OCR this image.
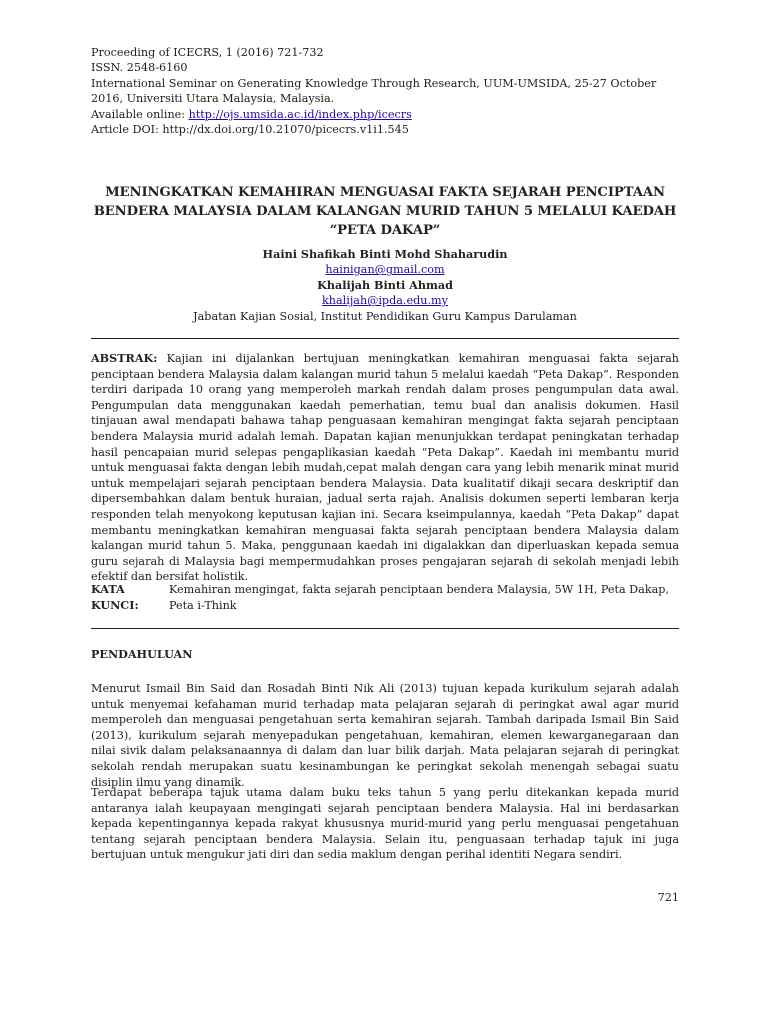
Proceeding of ICECRS, 1 (2016) 721-732
ISSN. 2548-6160
International Seminar on Generating Knowledge Through Research, UUM-UMSIDA, 25-27 October 2016, Universiti Utara Malaysia, Malaysia.
Available online: http://ojs.umsida.ac.id/index.php/icecrs
Article DOI: http://dx.doi.org/10.21070/picecrs.v1i1.545
MENINGKATKAN KEMAHIRAN MENGUASAI FAKTA SEJARAH PENCIPTAAN BENDERA MALAYSIA DALAM KALANGAN MURID TAHUN 5 MELALUI KAEDAH “PETA DAKAP”
Haini Shafikah Binti Mohd Shaharudin
hainigan@gmail.com
Khalijah Binti Ahmad
khalijah@ipda.edu.my
Jabatan Kajian Sosial, Institut Pendidikan Guru Kampus Darulaman
ABSTRAK: Kajian ini dijalankan bertujuan meningkatkan kemahiran menguasai fakta sejarah penciptaan bendera Malaysia dalam kalangan murid tahun 5 melalui kaedah “Peta Dakap”. Responden terdiri daripada 10 orang yang memperoleh markah rendah dalam proses pengumpulan data awal. Pengumpulan data menggunakan kaedah pemerhatian, temu bual dan analisis dokumen. Hasil tinjauan awal mendapati bahawa tahap penguasaan kemahiran mengingat fakta sejarah penciptaan bendera Malaysia murid adalah lemah. Dapatan kajian menunjukkan terdapat peningkatan terhadap hasil pencapaian murid selepas pengaplikasian kaedah “Peta Dakap”. Kaedah ini membantu murid untuk menguasai fakta dengan lebih mudah,cepat malah dengan cara yang lebih menarik minat murid untuk mempelajari sejarah penciptaan bendera Malaysia. Data kualitatif dikaji secara deskriptif dan dipersembahkan dalam bentuk huraian, jadual serta rajah. Analisis dokumen seperti lembaran kerja responden telah menyokong keputusan kajian ini. Secara kseimpulannya, kaedah “Peta Dakap” dapat membantu meningkatkan kemahiran menguasai fakta sejarah penciptaan bendera Malaysia dalam kalangan murid tahun 5. Maka, penggunaan kaedah ini digalakkan dan diperluaskan kepada semua guru sejarah di Malaysia bagi mempermudahkan proses pengajaran sejarah di sekolah menjadi lebih efektif dan bersifat holistik.
KATA KUNCI:
Kemahiran mengingat, fakta sejarah penciptaan bendera Malaysia, 5W 1H, Peta Dakap, Peta i-Think
PENDAHULUAN
Menurut Ismail Bin Said dan Rosadah Binti Nik Ali (2013) tujuan kepada kurikulum sejarah adalah untuk menyemai kefahaman murid terhadap mata pelajaran sejarah di peringkat awal agar murid memperoleh dan menguasai pengetahuan serta kemahiran sejarah. Tambah daripada Ismail Bin Said (2013), kurikulum sejarah menyepadukan pengetahuan, kemahiran, elemen kewarganegaraan dan nilai sivik dalam pelaksanaannya di dalam dan luar bilik darjah. Mata pelajaran sejarah di peringkat sekolah rendah merupakan suatu kesinambungan ke peringkat sekolah menengah sebagai suatu disiplin ilmu yang dinamik.
Terdapat beberapa tajuk utama dalam buku teks tahun 5 yang perlu ditekankan kepada murid antaranya ialah keupayaan mengingati sejarah penciptaan bendera Malaysia. Hal ini berdasarkan kepada kepentingannya kepada rakyat khususnya murid-murid yang perlu menguasai pengetahuan tentang sejarah penciptaan bendera Malaysia. Selain itu, penguasaan terhadap tajuk ini juga bertujuan untuk mengukur jati diri dan sedia maklum dengan perihal identiti Negara sendiri.
721
